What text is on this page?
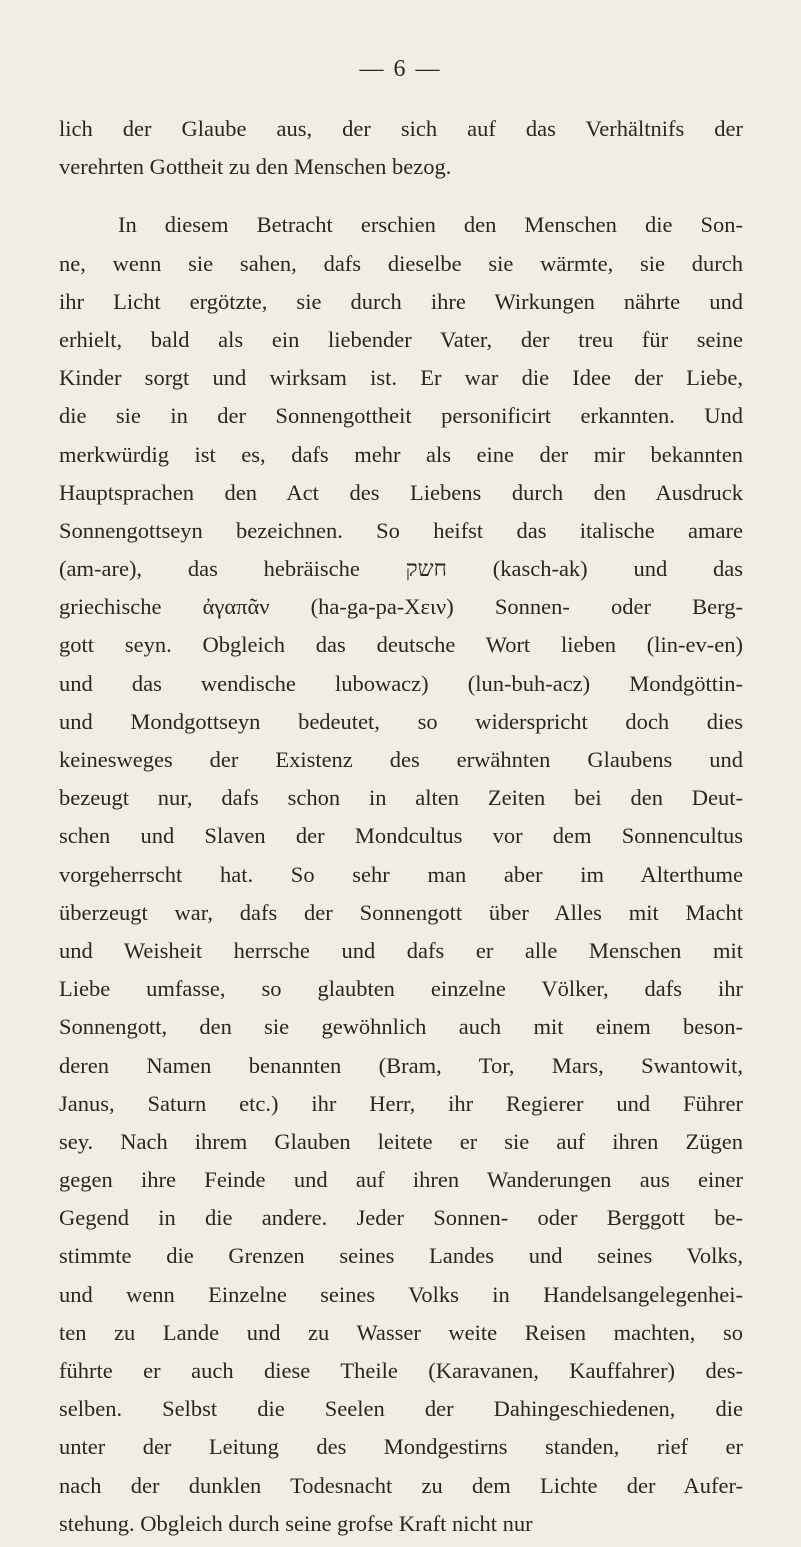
— 6 —
lich der Glaube aus, der sich auf das Verhältnifs der
verehrten Gottheit zu den Menschen bezog.
In diesem Betracht erschien den Menschen die Son-
ne, wenn sie sahen, dafs dieselbe sie wärmte, sie durch
ihr Licht ergötzte, sie durch ihre Wirkungen nährte und
erhielt, bald als ein liebender Vater, der treu für seine
Kinder sorgt und wirksam ist. Er war die Idee der Liebe,
die sie in der Sonnengottheit personificirt erkannten. Und
merkwürdig ist es, dafs mehr als eine der mir bekannten
Hauptsprachen den Act des Liebens durch den Ausdruck
Sonnengottseyn bezeichnen. So heifst das italische amare
(am-are), das hebräische חשק (kasch-ak) und das
griechische ἀγαπᾶν (ha-ga-pa-Χειν) Sonnen- oder Berg-
gott seyn. Obgleich das deutsche Wort lieben (lin-ev-en)
und das wendische lubowacz) (lun-buh-acz) Mondgöttin-
und Mondgottseyn bedeutet, so widerspricht doch dies
keinesweges der Existenz des erwähnten Glaubens und
bezeugt nur, dafs schon in alten Zeiten bei den Deut-
schen und Slaven der Mondcultus vor dem Sonnencultus
vorgeherrscht hat. So sehr man aber im Alterthume
überzeugt war, dafs der Sonnengott über Alles mit Macht
und Weisheit herrsche und dafs er alle Menschen mit
Liebe umfasse, so glaubten einzelne Völker, dafs ihr
Sonnengott, den sie gewöhnlich auch mit einem beson-
deren Namen benannten (Bram, Tor, Mars, Swantowit,
Janus, Saturn etc.) ihr Herr, ihr Regierer und Führer
sey. Nach ihrem Glauben leitete er sie auf ihren Zügen
gegen ihre Feinde und auf ihren Wanderungen aus einer
Gegend in die andere. Jeder Sonnen- oder Berggott be-
stimmte die Grenzen seines Landes und seines Volks,
und wenn Einzelne seines Volks in Handelsangelegenhei-
ten zu Lande und zu Wasser weite Reisen machten, so
führte er auch diese Theile (Karavanen, Kauffahrer) des-
selben. Selbst die Seelen der Dahingeschiedenen, die
unter der Leitung des Mondgestirns standen, rief er
nach der dunklen Todesnacht zu dem Lichte der Aufer-
stehung. Obgleich durch seine grofse Kraft nicht nur
